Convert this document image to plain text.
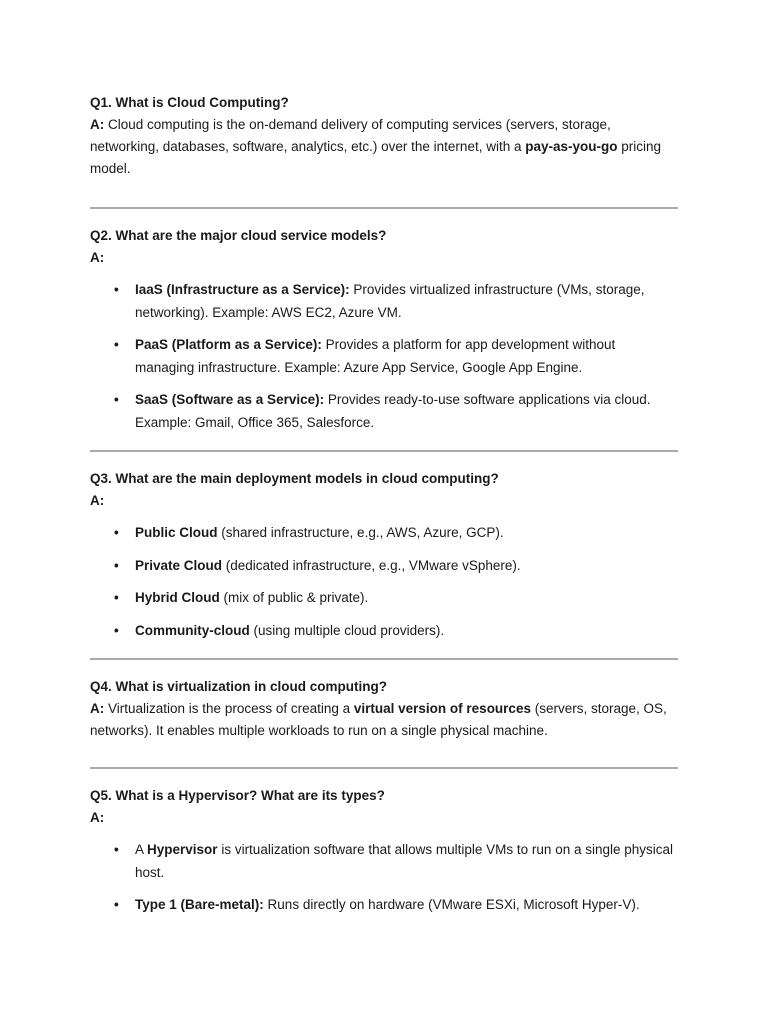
Q1. What is Cloud Computing?

A: Cloud computing is the on-demand delivery of computing services (servers, storage, networking, databases, software, analytics, etc.) over the internet, with a pay-as-you-go pricing model.

Q2. What are the major cloud service models?

A:

• IaaS (Infrastructure as a Service): Provides virtualized infrastructure (VMs, storage, networking). Example: AWS EC2, Azure VM.
• PaaS (Platform as a Service): Provides a platform for app development without managing infrastructure. Example: Azure App Service, Google App Engine.
• SaaS (Software as a Service): Provides ready-to-use software applications via cloud. Example: Gmail, Office 365, Salesforce.

Q3. What are the main deployment models in cloud computing?

A:

• Public Cloud (shared infrastructure, e.g., AWS, Azure, GCP).
• Private Cloud (dedicated infrastructure, e.g., VMware vSphere).
• Hybrid Cloud (mix of public & private).
• Community-cloud (using multiple cloud providers).

Q4. What is virtualization in cloud computing?

A: Virtualization is the process of creating a virtual version of resources (servers, storage, OS, networks). It enables multiple workloads to run on a single physical machine.

Q5. What is a Hypervisor? What are its types?

A:

• A Hypervisor is virtualization software that allows multiple VMs to run on a single physical host.
• Type 1 (Bare-metal): Runs directly on hardware (VMware ESXi, Microsoft Hyper-V).
